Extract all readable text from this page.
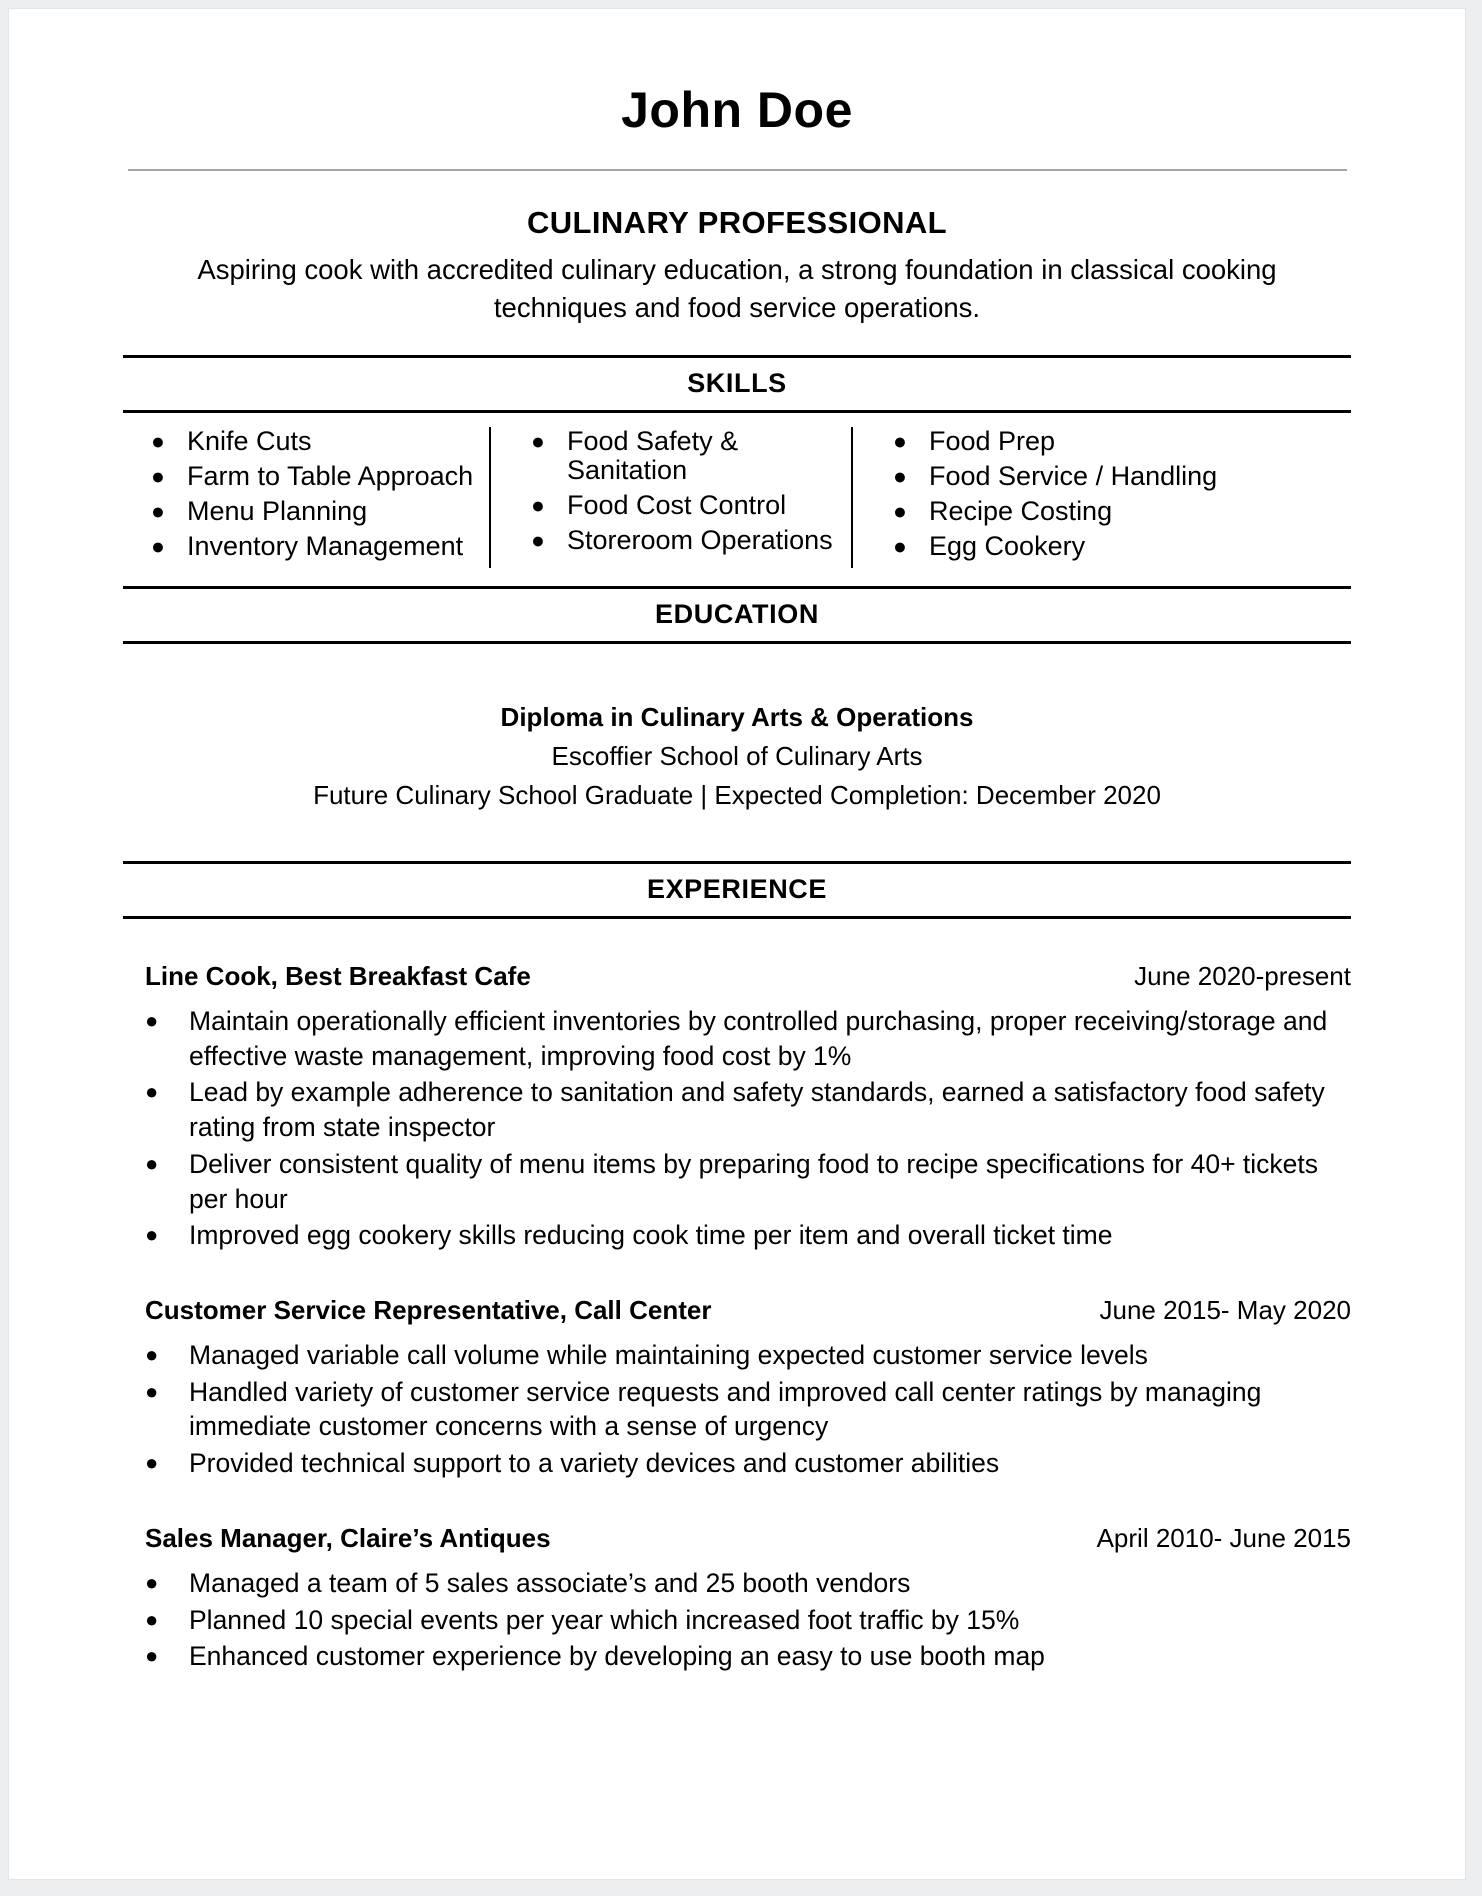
John Doe
CULINARY PROFESSIONAL
Aspiring cook with accredited culinary education, a strong foundation in classical cooking techniques and food service operations.
SKILLS
● Knife Cuts
● Farm to Table Approach
● Menu Planning
● Inventory Management
● Food Safety & Sanitation
● Food Cost Control
● Storeroom Operations
● Food Prep
● Food Service / Handling
● Recipe Costing
● Egg Cookery
EDUCATION
Diploma in Culinary Arts & Operations
Escoffier School of Culinary Arts
Future Culinary School Graduate | Expected Completion: December 2020
EXPERIENCE
Line Cook, Best Breakfast Cafe	June 2020-present
●	Maintain operationally efficient inventories by controlled purchasing, proper receiving/storage and effective waste management, improving food cost by 1%
●	Lead by example adherence to sanitation and safety standards, earned a satisfactory food safety rating from state inspector
●	Deliver consistent quality of menu items by preparing food to recipe specifications for 40+ tickets per hour
●	Improved egg cookery skills reducing cook time per item and overall ticket time
Customer Service Representative, Call Center	June 2015- May 2020
●	Managed variable call volume while maintaining expected customer service levels
●	Handled variety of customer service requests and improved call center ratings by managing immediate customer concerns with a sense of urgency
●	Provided technical support to a variety devices and customer abilities
Sales Manager, Claire’s Antiques	April 2010- June 2015
●	Managed a team of 5 sales associate’s and 25 booth vendors
●	Planned 10 special events per year which increased foot traffic by 15%
●	Enhanced customer experience by developing an easy to use booth map
